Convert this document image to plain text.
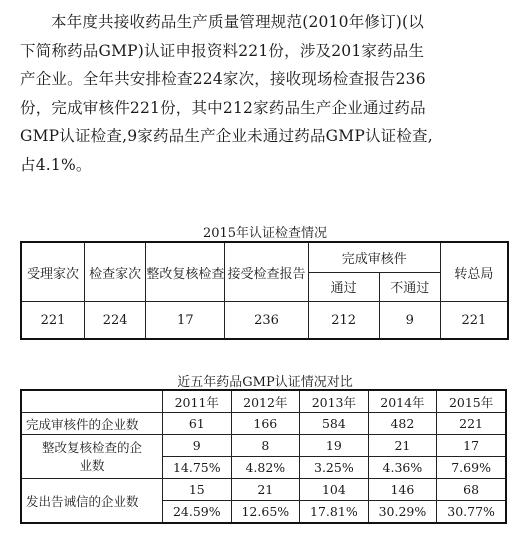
本年度共接收药品生产质量管理规范(2010年修订)(以
下简称药品GMP)认证申报资料221份，涉及201家药品生
产企业。全年共安排检查224家次，接收现场检查报告236
份，完成审核件221份，其中212家药品生产企业通过药品
GMP认证检查,9家药品生产企业未通过药品GMP认证检查,
占4.1%。
2015年认证检查情况
受理家次	检查家次	整改复核检查	接受检查报告	完成审核件		转总局
				通过	不通过	
221	224	17	236	212	9	221
近五年药品GMP认证情况对比
	2011年	2012年	2013年	2014年	2015年
完成审核件的企业数	61	166	584	482	221
整改复核检查的企业数	9	8	19	21	17
	14.75%	4.82%	3.25%	4.36%	7.69%
发出告诫信的企业数	15	21	104	146	68
	24.59%	12.65%	17.81%	30.29%	30.77%
